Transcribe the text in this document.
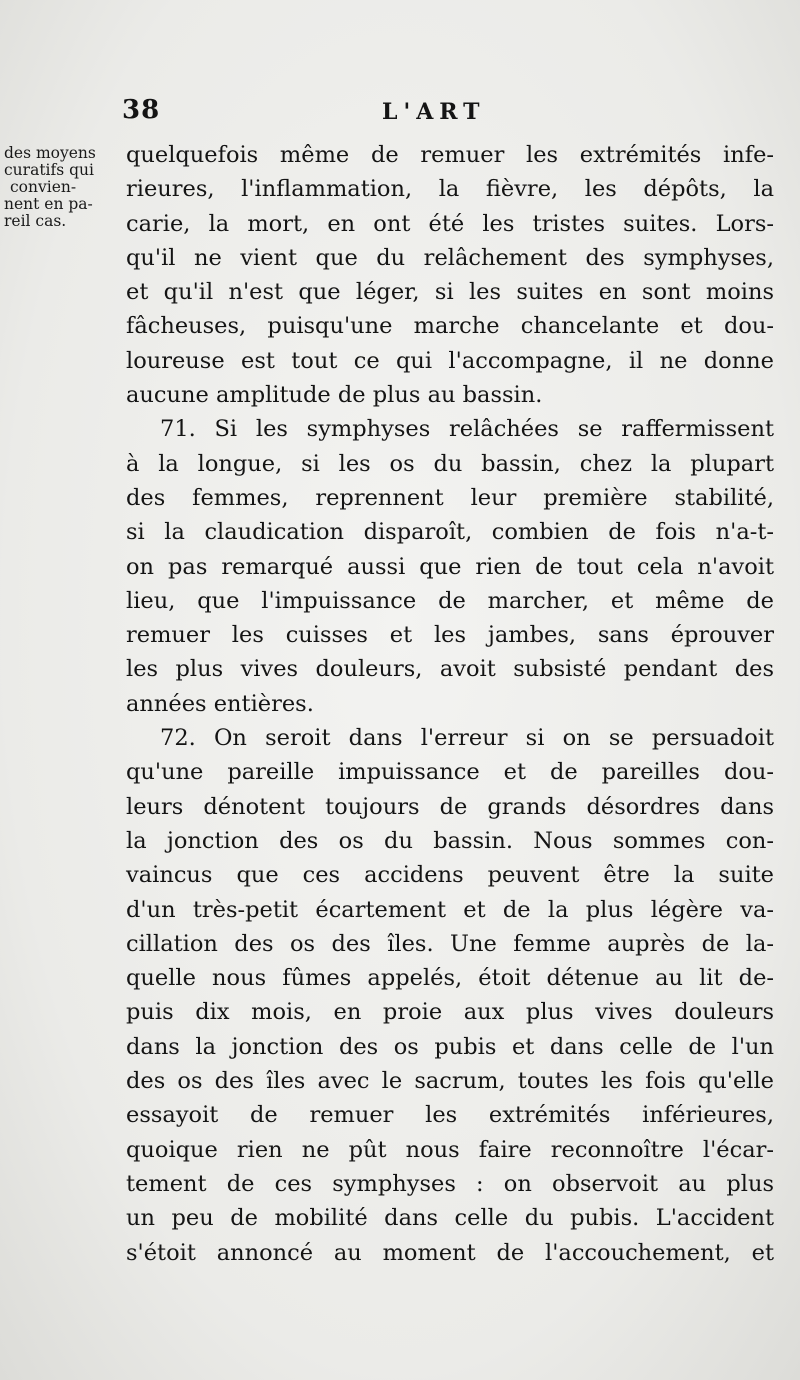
38	L'ART
des moyens
curatifs qui
convien-
nent en pa-
reil cas.
quelquefois même de remuer les extrémités infe-
rieures, l'inflammation, la fièvre, les dépôts, la
carie, la mort, en ont été les tristes suites. Lors-
qu'il ne vient que du relâchement des symphyses,
et qu'il n'est que léger, si les suites en sont moins
fâcheuses, puisqu'une marche chancelante et dou-
loureuse est tout ce qui l'accompagne, il ne donne
aucune amplitude de plus au bassin.
71. Si les symphyses relâchées se raffermissent
à la longue, si les os du bassin, chez la plupart
des femmes, reprennent leur première stabilité,
si la claudication disparoît, combien de fois n'a-t-
on pas remarqué aussi que rien de tout cela n'avoit
lieu, que l'impuissance de marcher, et même de
remuer les cuisses et les jambes, sans éprouver
les plus vives douleurs, avoit subsisté pendant des
années entières.
72. On seroit dans l'erreur si on se persuadoit
qu'une pareille impuissance et de pareilles dou-
leurs dénotent toujours de grands désordres dans
la jonction des os du bassin. Nous sommes con-
vaincus que ces accidens peuvent être la suite
d'un très-petit écartement et de la plus légère va-
cillation des os des îles. Une femme auprès de la-
quelle nous fûmes appelés, étoit détenue au lit de-
puis dix mois, en proie aux plus vives douleurs
dans la jonction des os pubis et dans celle de l'un
des os des îles avec le sacrum, toutes les fois qu'elle
essayoit de remuer les extrémités inférieures,
quoique rien ne pût nous faire reconnoître l'écar-
tement de ces symphyses : on observoit au plus
un peu de mobilité dans celle du pubis. L'accident
s'étoit annoncé au moment de l'accouchement, et
